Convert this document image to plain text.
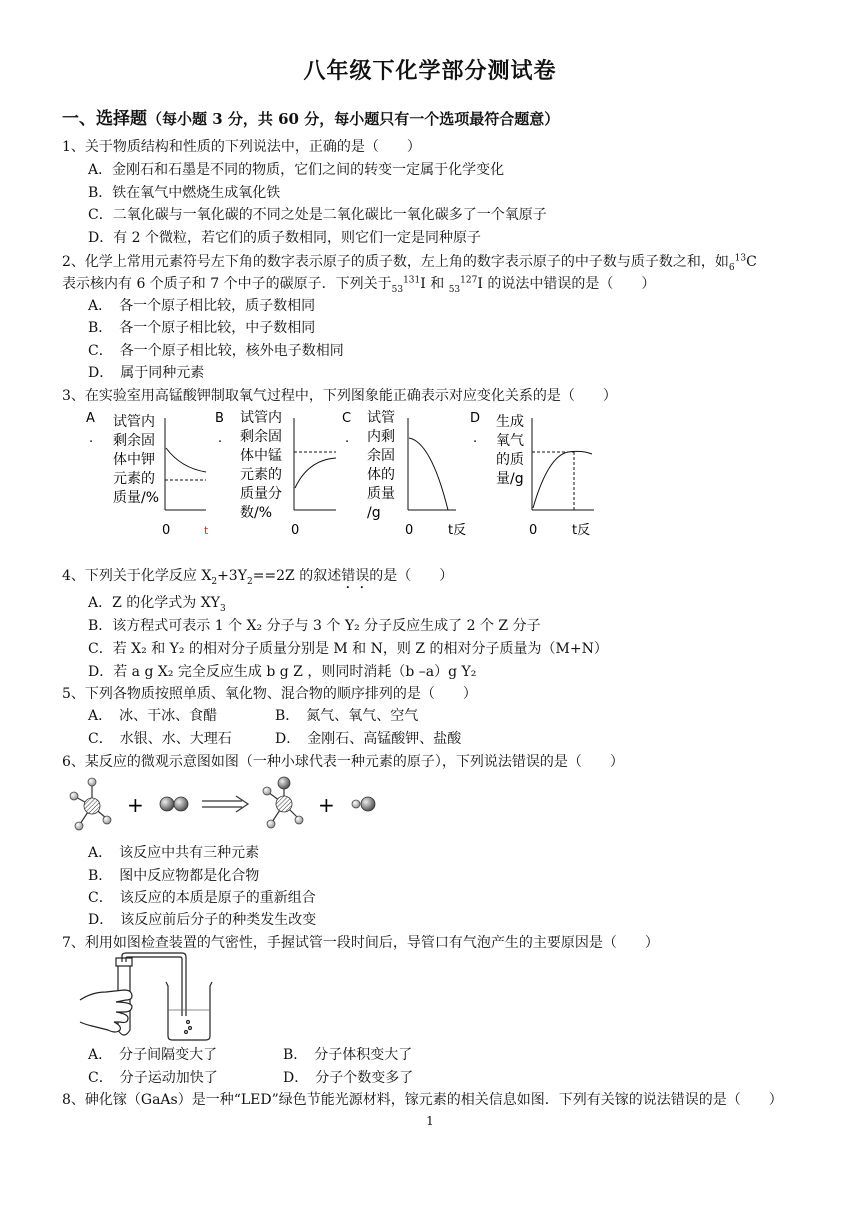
八年级下化学部分测试卷
一、选择题（每小题 3 分，共 60 分，每小题只有一个选项最符合题意）
1、关于物质结构和性质的下列说法中，正确的是（　　）
A．金刚石和石墨是不同的物质，它们之间的转变一定属于化学变化
B．铁在氧气中燃烧生成氧化铁
C．二氧化碳与一氧化碳的不同之处是二氧化碳比一氧化碳多了一个氧原子
D．有 2 个微粒，若它们的质子数相同，则它们一定是同种原子
2、化学上常用元素符号左下角的数字表示原子的质子数，左上角的数字表示原子的中子数与质子数之和，如$_6^{13}$C
表示核内有 6 个质子和 7 个中子的碳原子．下列关于$_{53}^{131}$I 和 $_{53}^{127}$I 的说法中错误的是（　　）
A．　各一个原子相比较，质子数相同
B．　各一个原子相比较，中子数相同
C．　各一个原子相比较，核外电子数相同
D．　属于同种元素
3、在实验室用高锰酸钾制取氧气过程中，下列图象能正确表示对应变化关系的是（　　）
A
.
试管内
剩余固
体中钾
元素的
质量/%
0	t
B
.
试管内
剩余固
体中锰
元素的
质量分
数/%
0
C
.
试管
内剩
余固
体的
质量
/g
0	t反
D
.
生成
氧气
的质
量/g
0	t反
4、下列关于化学反应 $X_2+3Y_2==2Z$ 的叙述错误的是（　　）
A．Z 的化学式为 $XY_3$
B．该方程式可表示 1 个 X₂ 分子与 3 个 Y₂ 分子反应生成了 2 个 Z 分子
C．若 X₂ 和 Y₂ 的相对分子质量分别是 M 和 N，则 Z 的相对分子质量为（M+N）
D．若 a g X₂ 完全反应生成 b g Z ，则同时消耗（b –a）g Y₂
5、下列各物质按照单质、氧化物、混合物的顺序排列的是（　　）
A．　冰、干冰、食醋	B．　氮气、氧气、空气
C．　水银、水、大理石	D．　金刚石、高锰酸钾、盐酸
6、某反应的微观示意图如图（一种小球代表一种元素的原子），下列说法错误的是（　　）
+	+
A．　该反应中共有三种元素
B．　图中反应物都是化合物
C．　该反应的本质是原子的重新组合
D．　该反应前后分子的种类发生改变
7、利用如图检查装置的气密性，手握试管一段时间后，导管口有气泡产生的主要原因是（　　）
A．　分子间隔变大了	B．　分子体积变大了
C．　分子运动加快了	D．　分子个数变多了
8、砷化镓（GaAs）是一种“LED”绿色节能光源材料，镓元素的相关信息如图．下列有关镓的说法错误的是（　　）
1
